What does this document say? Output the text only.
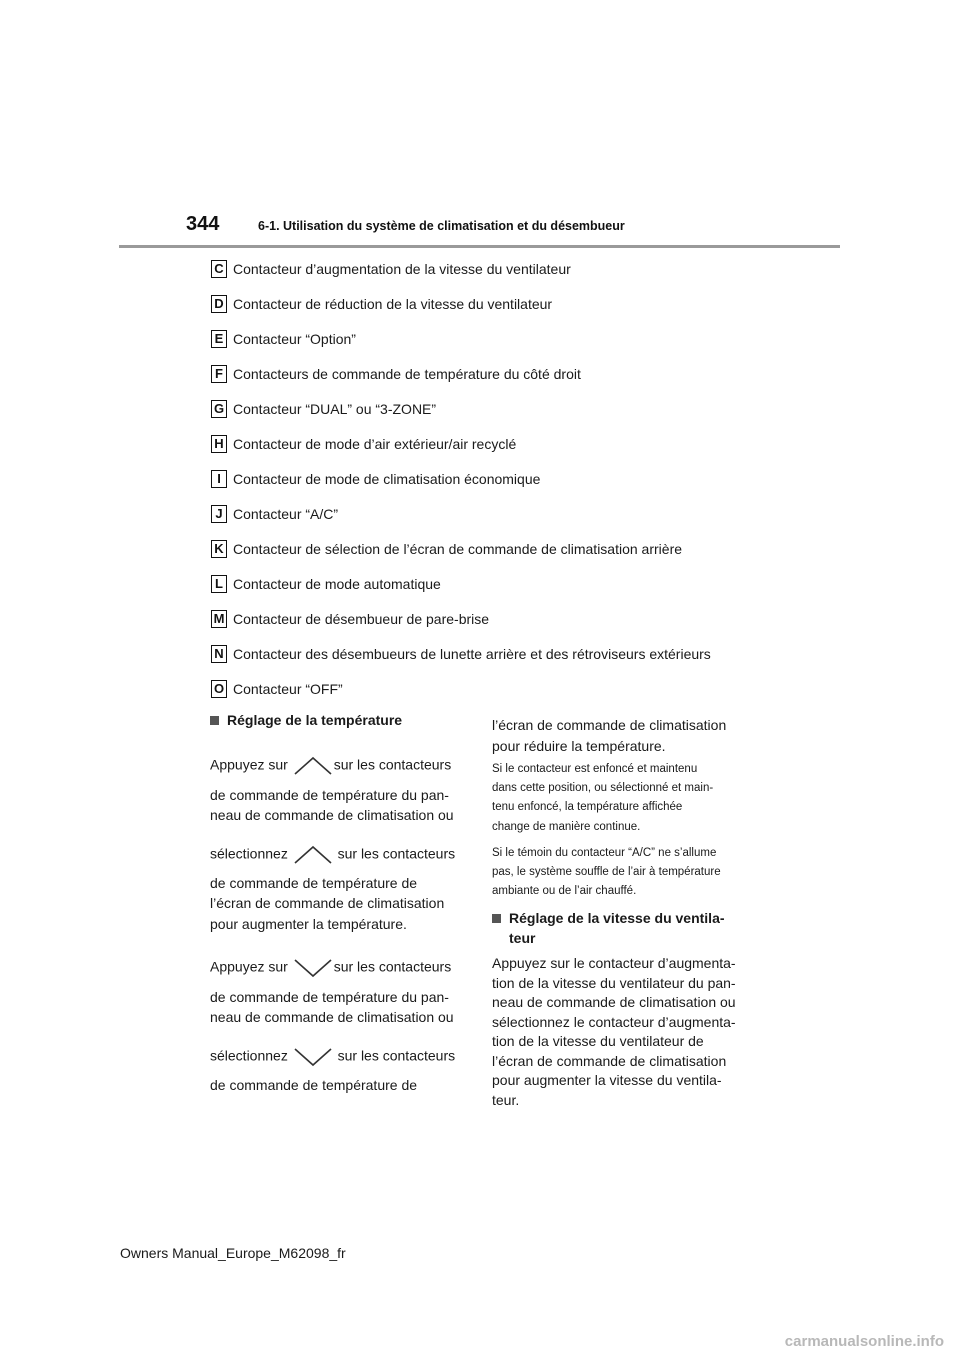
344	6-1. Utilisation du système de climatisation et du désembueur
C Contacteur d’augmentation de la vitesse du ventilateur
D Contacteur de réduction de la vitesse du ventilateur
E Contacteur “Option”
F Contacteurs de commande de température du côté droit
G Contacteur “DUAL” ou “3-ZONE”
H Contacteur de mode d’air extérieur/air recyclé
I Contacteur de mode de climatisation économique
J Contacteur “A/C”
K Contacteur de sélection de l’écran de commande de climatisation arrière
L Contacteur de mode automatique
M Contacteur de désembueur de pare-brise
N Contacteur des désembueurs de lunette arrière et des rétroviseurs extérieurs
O Contacteur “OFF”
Réglage de la température
Appuyez sur	sur les contacteurs
de commande de température du pan-
neau de commande de climatisation ou
sélectionnez	sur les contacteurs
de commande de température de
l’écran de commande de climatisation
pour augmenter la température.
Appuyez sur	sur les contacteurs
de commande de température du pan-
neau de commande de climatisation ou
sélectionnez	sur les contacteurs
de commande de température de
l’écran de commande de climatisation
pour réduire la température.
Si le contacteur est enfoncé et maintenu
dans cette position, ou sélectionné et main-
tenu enfoncé, la température affichée
change de manière continue.
Si le témoin du contacteur “A/C” ne s’allume
pas, le système souffle de l’air à température
ambiante ou de l’air chauffé.
Réglage de la vitesse du ventila-
teur
Appuyez sur le contacteur d’augmenta-
tion de la vitesse du ventilateur du pan-
neau de commande de climatisation ou
sélectionnez le contacteur d’augmenta-
tion de la vitesse du ventilateur de
l’écran de commande de climatisation
pour augmenter la vitesse du ventila-
teur.
Owners Manual_Europe_M62098_fr
carmanualsonline.info
